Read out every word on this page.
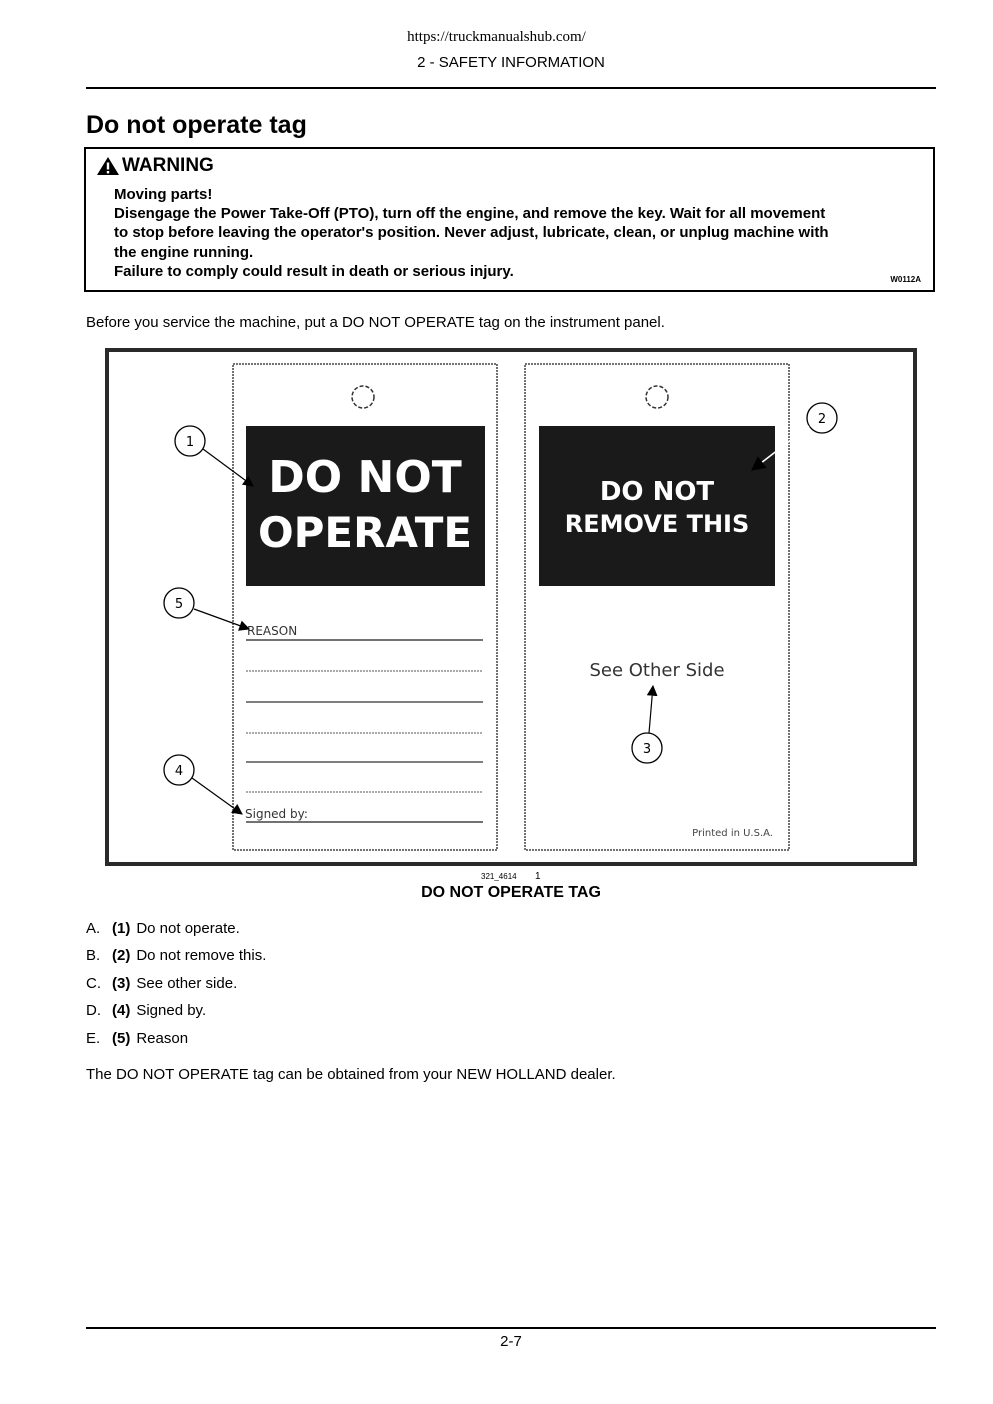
https://truckmanualshub.com/
2 - SAFETY INFORMATION
Do not operate tag
WARNING
Moving parts!
Disengage the Power Take-Off (PTO), turn off the engine, and remove the key. Wait for all movement
to stop before leaving the operator's position. Never adjust, lubricate, clean, or unplug machine with
the engine running.
Failure to comply could result in death or serious injury.	W0112A
Before you service the machine, put a DO NOT OPERATE tag on the instrument panel.
DO NOT
OPERATE
REASON
Signed by:
DO NOT
REMOVE THIS
See Other Side
Printed in U.S.A.
1
2
3
4
5
321_4614 1
DO NOT OPERATE TAG
A. (1) Do not operate.
B. (2) Do not remove this.
C. (3) See other side.
D. (4) Signed by.
E. (5) Reason
The DO NOT OPERATE tag can be obtained from your NEW HOLLAND dealer.
2-7
